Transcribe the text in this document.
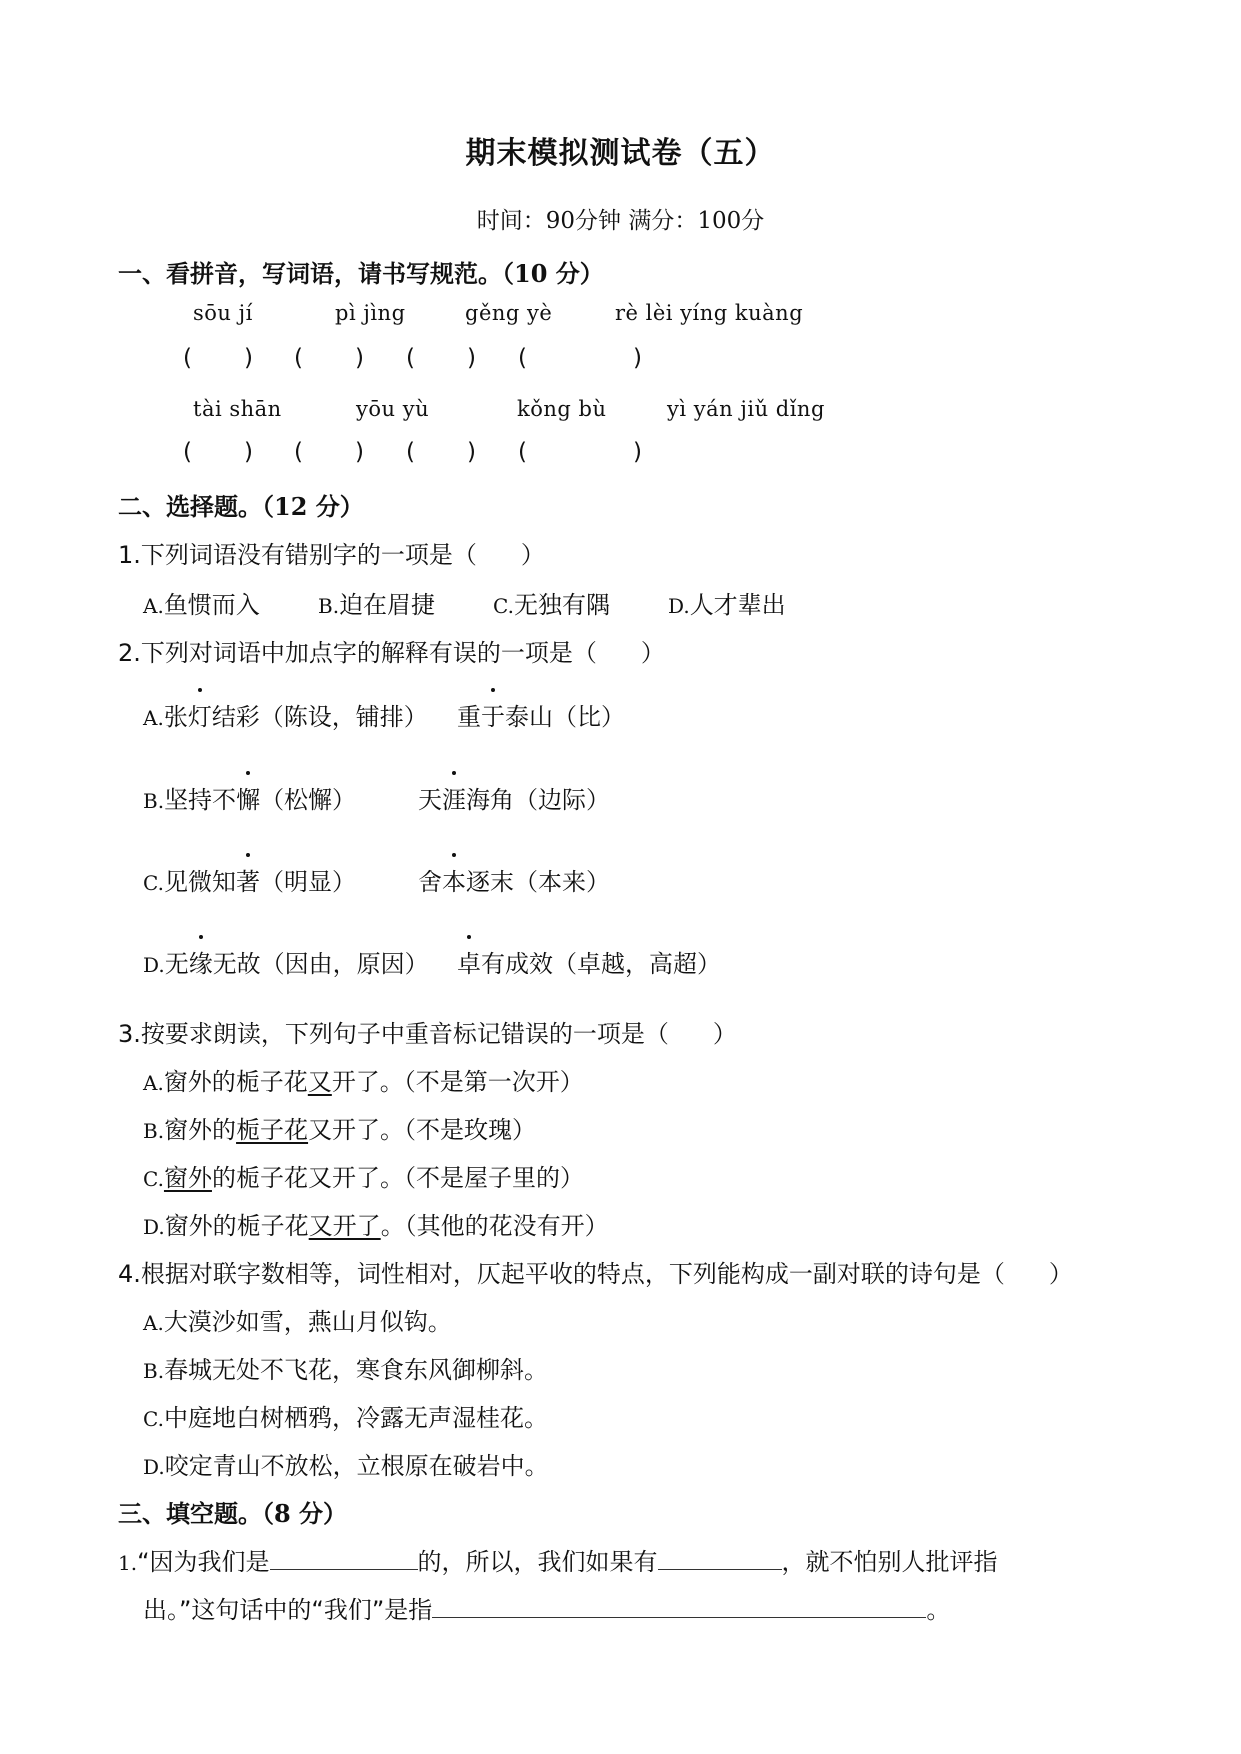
期末模拟测试卷（五）
时间：90分钟 满分：100分
一、看拼音，写词语，请书写规范。（10 分）
sōu jí	pì jìng	gěng yè	rè lèi yíng kuàng
( ) ( ) ( ) (	)
tài shān	yōu yù	kǒng bù	yì yán jiǔ dǐng
( ) ( ) ( ) (	)
二、选择题。（12 分）
1.下列词语没有错别字的一项是（ ）
A.鱼惯而入	B.迫在眉捷	C.无独有隅	D.人才辈出
2.下列对词语中加点字的解释有误的一项是（ ）
A.张灯结彩（陈设，铺排） 重于泰山（比）
B.坚持不懈（松懈）	天涯海角（边际）
C.见微知著（明显）	舍本逐末（本来）
D.无缘无故（因由，原因） 卓有成效（卓越，高超）
3.按要求朗读，下列句子中重音标记错误的一项是（ ）
A.窗外的栀子花又开了。（不是第一次开）
B.窗外的栀子花又开了。（不是玫瑰）
C.窗外的栀子花又开了。（不是屋子里的）
D.窗外的栀子花又开了。（其他的花没有开）
4.根据对联字数相等，词性相对，仄起平收的特点，下列能构成一副对联的诗句是（ ）
A.大漠沙如雪，燕山月似钩。
B.春城无处不飞花，寒食东风御柳斜。
C.中庭地白树栖鸦，冷露无声湿桂花。
D.咬定青山不放松，立根原在破岩中。
三、填空题。（8 分）
1.“因为我们是	的，所以，我们如果有	，就不怕别人批评指
出。”这句话中的“我们”是指	。
